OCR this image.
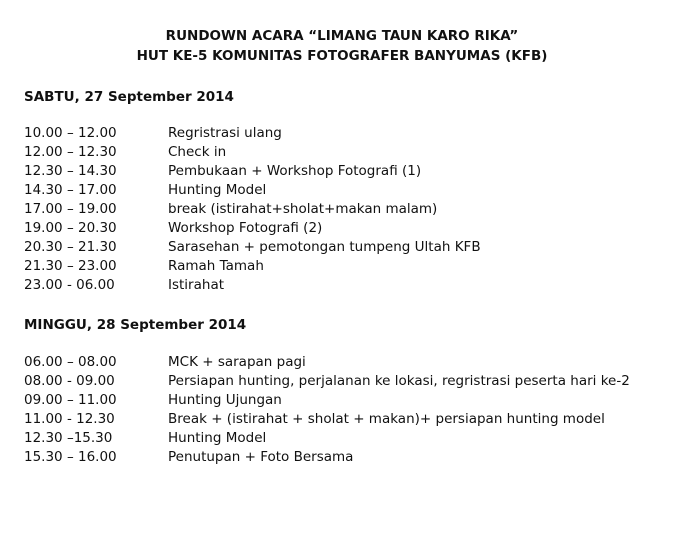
RUNDOWN ACARA “LIMANG TAUN KARO RIKA”
HUT KE-5 KOMUNITAS FOTOGRAFER BANYUMAS (KFB)
SABTU, 27 September 2014
10.00 – 12.00	Regristrasi ulang
12.00 – 12.30	Check in
12.30 – 14.30	Pembukaan + Workshop Fotografi (1)
14.30 – 17.00	Hunting Model
17.00 – 19.00	break (istirahat+sholat+makan malam)
19.00 – 20.30	Workshop Fotografi (2)
20.30 – 21.30	Sarasehan + pemotongan tumpeng Ultah KFB
21.30 – 23.00	Ramah Tamah
23.00 - 06.00	Istirahat
MINGGU, 28 September 2014
06.00 – 08.00	MCK + sarapan pagi
08.00 - 09.00	Persiapan hunting, perjalanan ke lokasi, regristrasi peserta hari ke-2
09.00 – 11.00	Hunting Ujungan
11.00 - 12.30	Break + (istirahat + sholat + makan)+ persiapan hunting model
12.30 –15.30	Hunting Model
15.30 – 16.00	Penutupan + Foto Bersama
